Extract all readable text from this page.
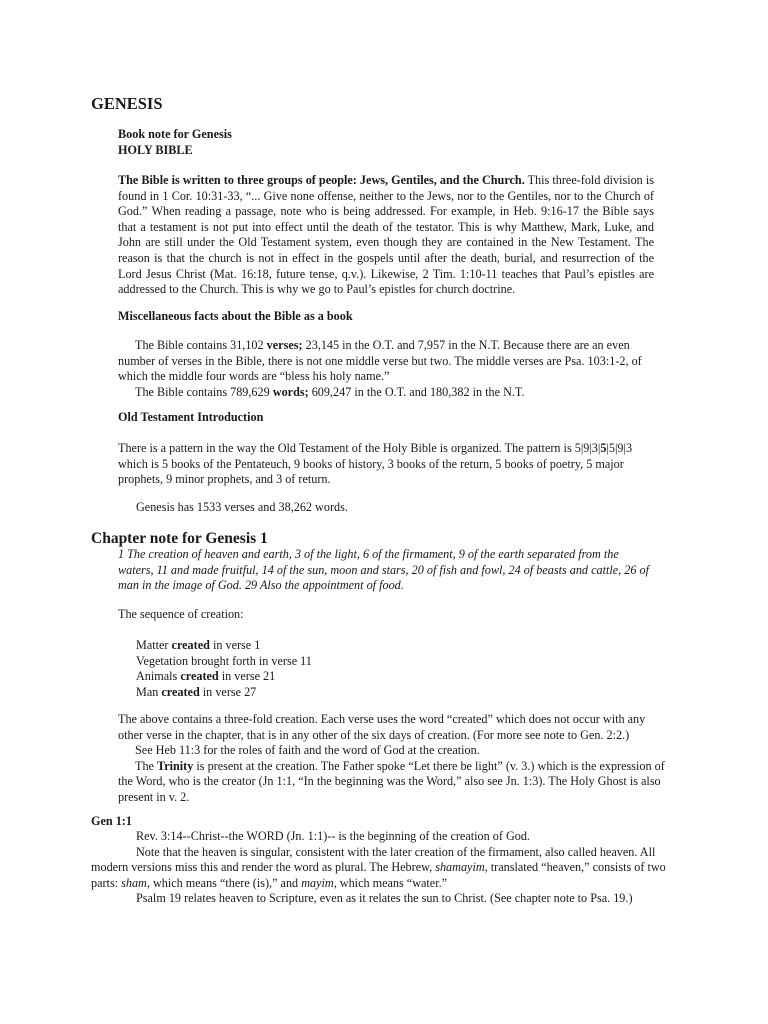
GENESIS
Book note for Genesis
HOLY BIBLE

The Bible is written to three groups of people: Jews, Gentiles, and the Church. This three-fold division is found in 1 Cor. 10:31-33, “... Give none offense, neither to the Jews, nor to the Gentiles, nor to the Church of God.” When reading a passage, note who is being addressed. For example, in Heb. 9:16-17 the Bible says that a testament is not put into effect until the death of the testator. This is why Matthew, Mark, Luke, and John are still under the Old Testament system, even though they are contained in the New Testament. The reason is that the church is not in effect in the gospels until after the death, burial, and resurrection of the Lord Jesus Christ (Mat. 16:18, future tense, q.v.). Likewise, 2 Tim. 1:10-11 teaches that Paul’s epistles are addressed to the Church. This is why we go to Paul’s epistles for church doctrine.

Miscellaneous facts about the Bible as a book

The Bible contains 31,102 verses; 23,145 in the O.T. and 7,957 in the N.T. Because there are an even number of verses in the Bible, there is not one middle verse but two. The middle verses are Psa. 103:1-2, of which the middle four words are “bless his holy name.”

The Bible contains 789,629 words; 609,247 in the O.T. and 180,382 in the N.T.

Old Testament Introduction

There is a pattern in the way the Old Testament of the Holy Bible is organized. The pattern is 5|9|3|5|5|9|3 which is 5 books of the Pentateuch, 9 books of history, 3 books of the return, 5 books of poetry, 5 major prophets, 9 minor prophets, and 3 of return.

Genesis has 1533 verses and 38,262 words.

Chapter note for Genesis 1

1 The creation of heaven and earth, 3 of the light, 6 of the firmament, 9 of the earth separated from the waters, 11 and made fruitful, 14 of the sun, moon and stars, 20 of fish and fowl, 24 of beasts and cattle, 26 of man in the image of God. 29 Also the appointment of food.

The sequence of creation:

Matter created in verse 1
Vegetation brought forth in verse 11
Animals created in verse 21
Man created in verse 27

The above contains a three-fold creation. Each verse uses the word “created” which does not occur with any other verse in the chapter, that is in any other of the six days of creation. (For more see note to Gen. 2:2.)

See Heb 11:3 for the roles of faith and the word of God at the creation.

The Trinity is present at the creation. The Father spoke “Let there be light” (v. 3.) which is the expression of the Word, who is the creator (Jn 1:1, “In the beginning was the Word,” also see Jn. 1:3). The Holy Ghost is also present in v. 2.

Gen 1:1

Rev. 3:14--Christ--the WORD (Jn. 1:1)-- is the beginning of the creation of God.

Note that the heaven is singular, consistent with the later creation of the firmament, also called heaven. All modern versions miss this and render the word as plural. The Hebrew, shamayim, translated “heaven,” consists of two parts: sham, which means “there (is),” and mayim, which means “water.”

Psalm 19 relates heaven to Scripture, even as it relates the sun to Christ. (See chapter note to Psa. 19.)
